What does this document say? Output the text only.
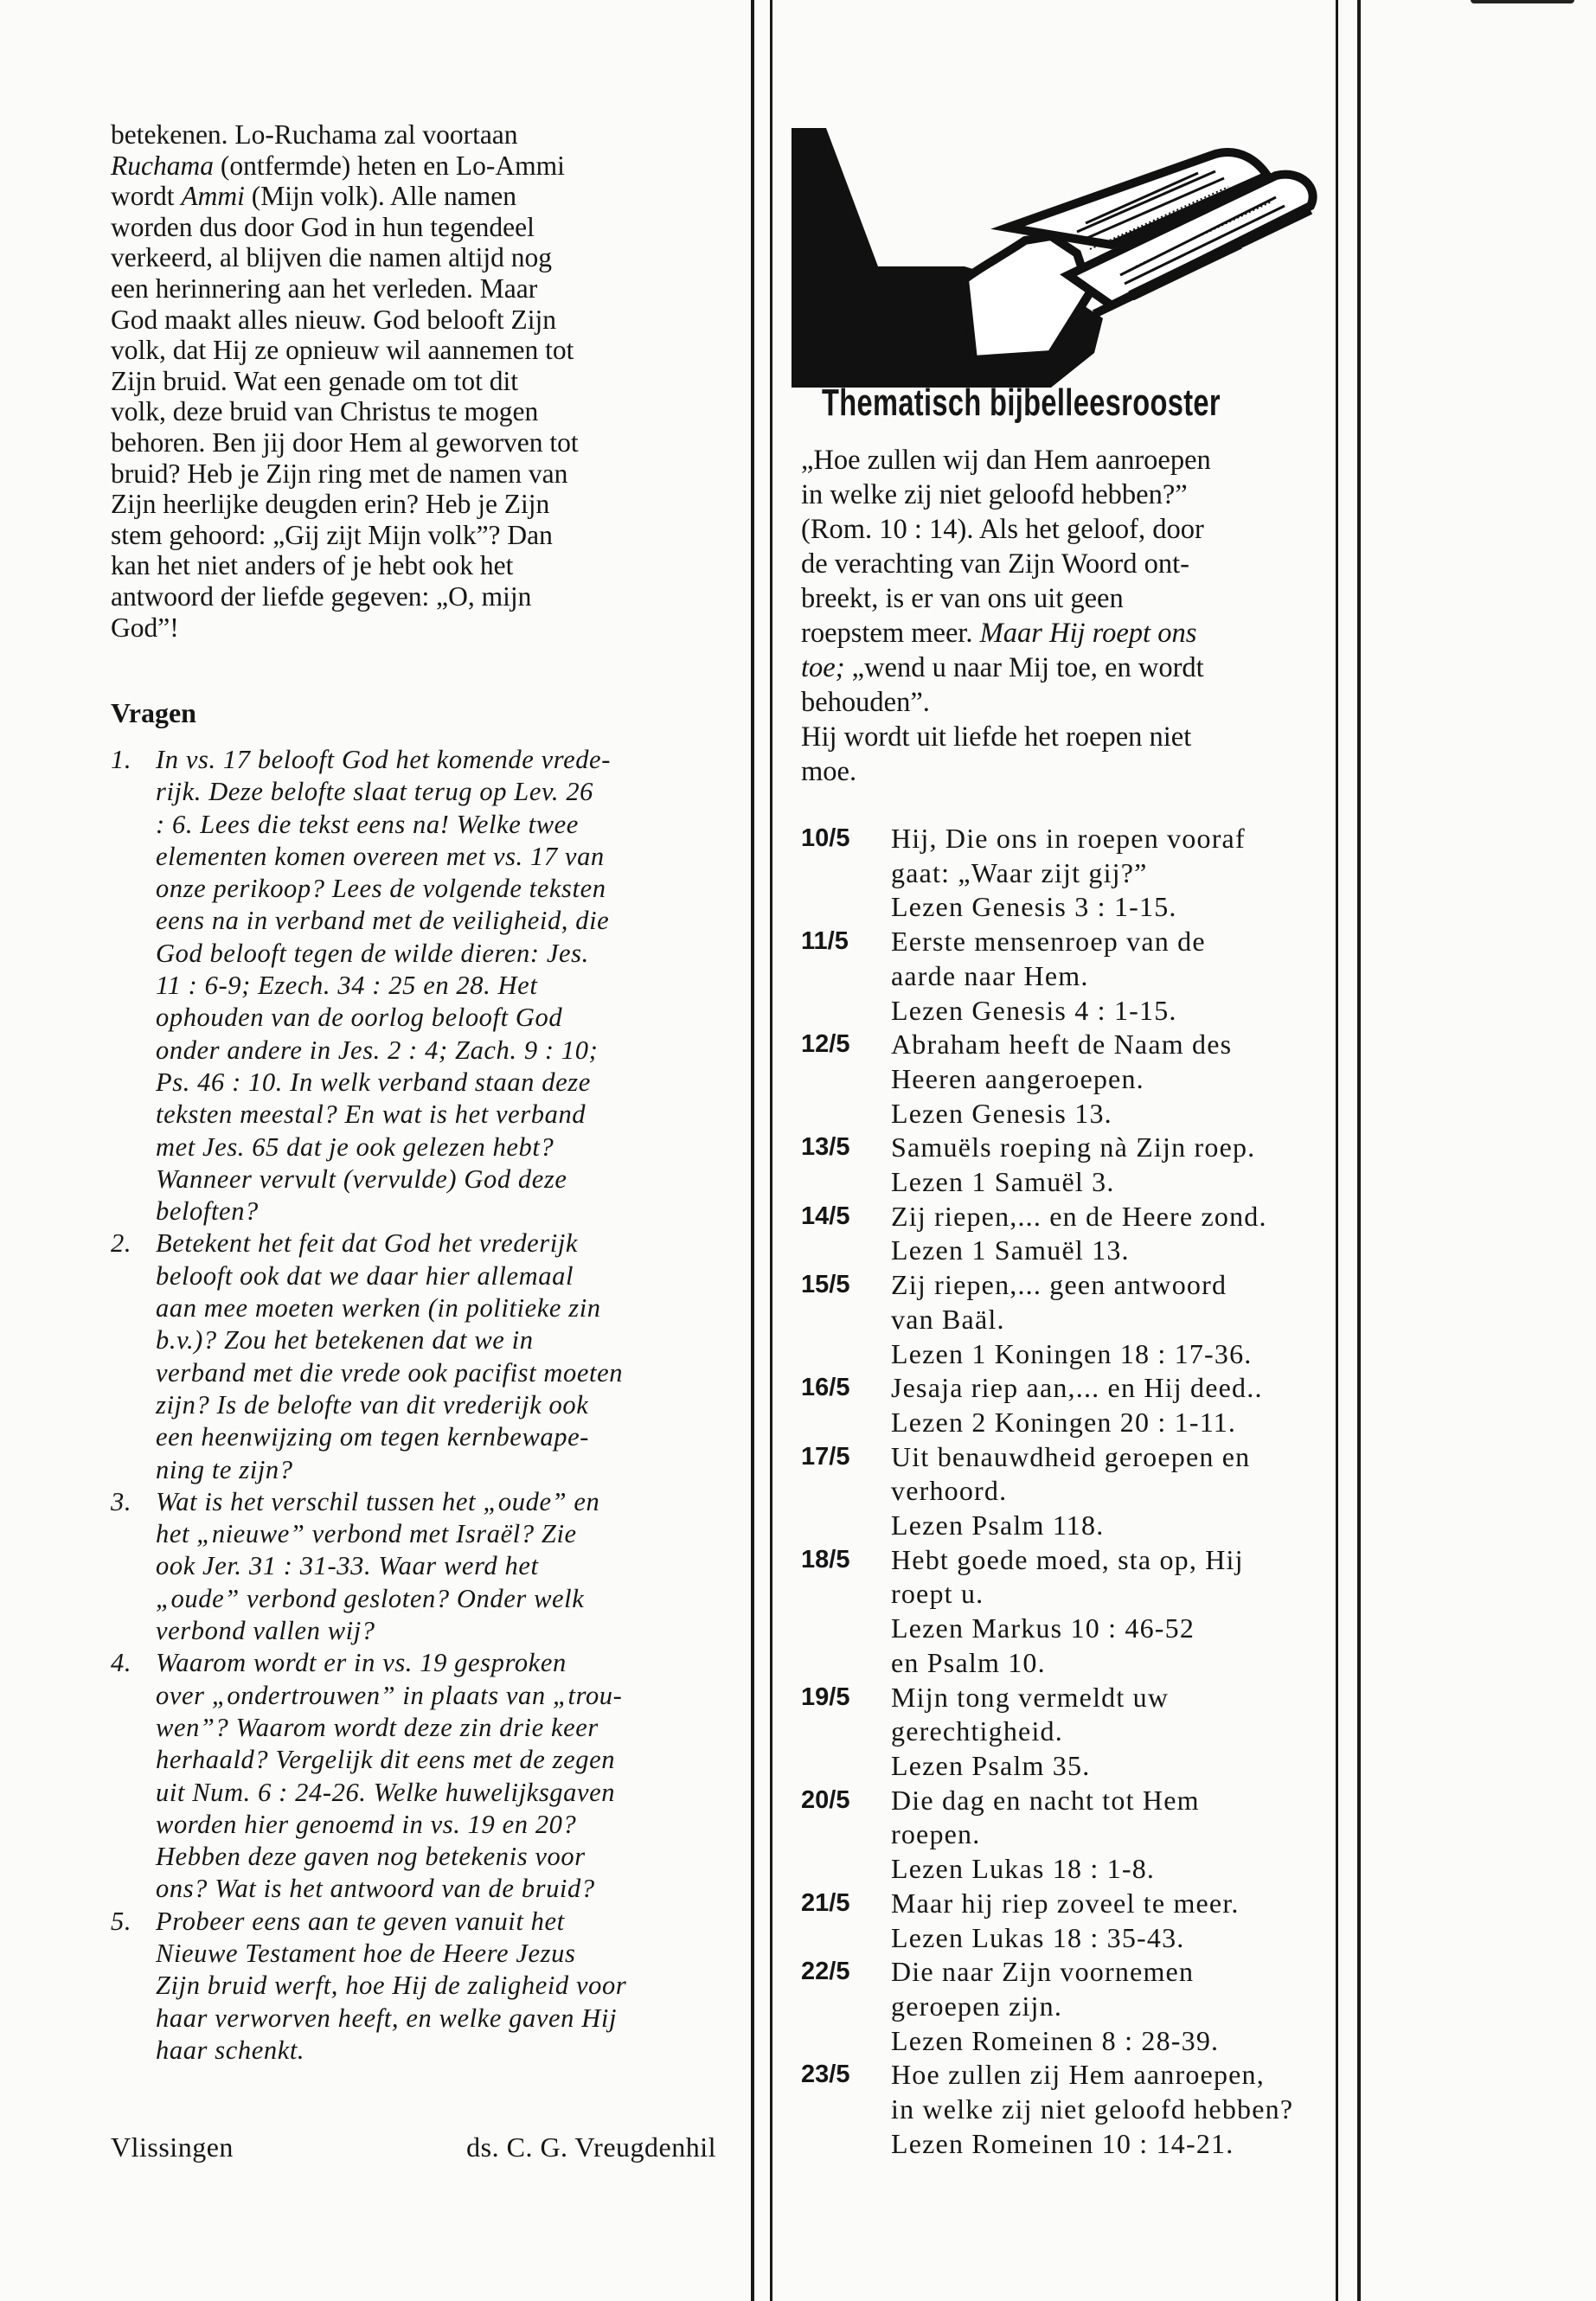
betekenen. Lo-Ruchama zal voortaan
Ruchama (ontfermde) heten en Lo-Ammi
wordt Ammi (Mijn volk). Alle namen
worden dus door God in hun tegendeel
verkeerd, al blijven die namen altijd nog
een herinnering aan het verleden. Maar
God maakt alles nieuw. God belooft Zijn
volk, dat Hij ze opnieuw wil aannemen tot
Zijn bruid. Wat een genade om tot dit
volk, deze bruid van Christus te mogen
behoren. Ben jij door Hem al geworven tot
bruid? Heb je Zijn ring met de namen van
Zijn heerlijke deugden erin? Heb je Zijn
stem gehoord: „Gij zijt Mijn volk”? Dan
kan het niet anders of je hebt ook het
antwoord der liefde gegeven: „O, mijn
God”!
Vragen
1. In vs. 17 belooft God het komende vrede-
rijk. Deze belofte slaat terug op Lev. 26
: 6. Lees die tekst eens na! Welke twee
elementen komen overeen met vs. 17 van
onze perikoop? Lees de volgende teksten
eens na in verband met de veiligheid, die
God belooft tegen de wilde dieren: Jes.
11 : 6-9; Ezech. 34 : 25 en 28. Het
ophouden van de oorlog belooft God
onder andere in Jes. 2 : 4; Zach. 9 : 10;
Ps. 46 : 10. In welk verband staan deze
teksten meestal? En wat is het verband
met Jes. 65 dat je ook gelezen hebt?
Wanneer vervult (vervulde) God deze
beloften?
2. Betekent het feit dat God het vrederijk
belooft ook dat we daar hier allemaal
aan mee moeten werken (in politieke zin
b.v.)? Zou het betekenen dat we in
verband met die vrede ook pacifist moeten
zijn? Is de belofte van dit vrederijk ook
een heenwijzing om tegen kernbewape-
ning te zijn?
3. Wat is het verschil tussen het „oude” en
het „nieuwe” verbond met Israël? Zie
ook Jer. 31 : 31-33. Waar werd het
„oude” verbond gesloten? Onder welk
verbond vallen wij?
4. Waarom wordt er in vs. 19 gesproken
over „ondertrouwen” in plaats van „trou-
wen”? Waarom wordt deze zin drie keer
herhaald? Vergelijk dit eens met de zegen
uit Num. 6 : 24-26. Welke huwelijksgaven
worden hier genoemd in vs. 19 en 20?
Hebben deze gaven nog betekenis voor
ons? Wat is het antwoord van de bruid?
5. Probeer eens aan te geven vanuit het
Nieuwe Testament hoe de Heere Jezus
Zijn bruid werft, hoe Hij de zaligheid voor
haar verworven heeft, en welke gaven Hij
haar schenkt.
Vlissingen	ds. C. G. Vreugdenhil
Thematisch bijbelleesrooster
„Hoe zullen wij dan Hem aanroepen
in welke zij niet geloofd hebben?”
(Rom. 10 : 14). Als het geloof, door
de verachting van Zijn Woord ont-
breekt, is er van ons uit geen
roepstem meer. Maar Hij roept ons
toe; „wend u naar Mij toe, en wordt
behouden”.
Hij wordt uit liefde het roepen niet
moe.
10/5 Hij, Die ons in roepen vooraf
gaat: „Waar zijt gij?”
Lezen Genesis 3 : 1-15.
11/5 Eerste mensenroep van de
aarde naar Hem.
Lezen Genesis 4 : 1-15.
12/5 Abraham heeft de Naam des
Heeren aangeroepen.
Lezen Genesis 13.
13/5 Samuëls roeping nà Zijn roep.
Lezen 1 Samuël 3.
14/5 Zij riepen,... en de Heere zond.
Lezen 1 Samuël 13.
15/5 Zij riepen,... geen antwoord
van Baäl.
Lezen 1 Koningen 18 : 17-36.
16/5 Jesaja riep aan,... en Hij deed..
Lezen 2 Koningen 20 : 1-11.
17/5 Uit benauwdheid geroepen en
verhoord.
Lezen Psalm 118.
18/5 Hebt goede moed, sta op, Hij
roept u.
Lezen Markus 10 : 46-52
en Psalm 10.
19/5 Mijn tong vermeldt uw
gerechtigheid.
Lezen Psalm 35.
20/5 Die dag en nacht tot Hem
roepen.
Lezen Lukas 18 : 1-8.
21/5 Maar hij riep zoveel te meer.
Lezen Lukas 18 : 35-43.
22/5 Die naar Zijn voornemen
geroepen zijn.
Lezen Romeinen 8 : 28-39.
23/5 Hoe zullen zij Hem aanroepen,
in welke zij niet geloofd hebben?
Lezen Romeinen 10 : 14-21.
